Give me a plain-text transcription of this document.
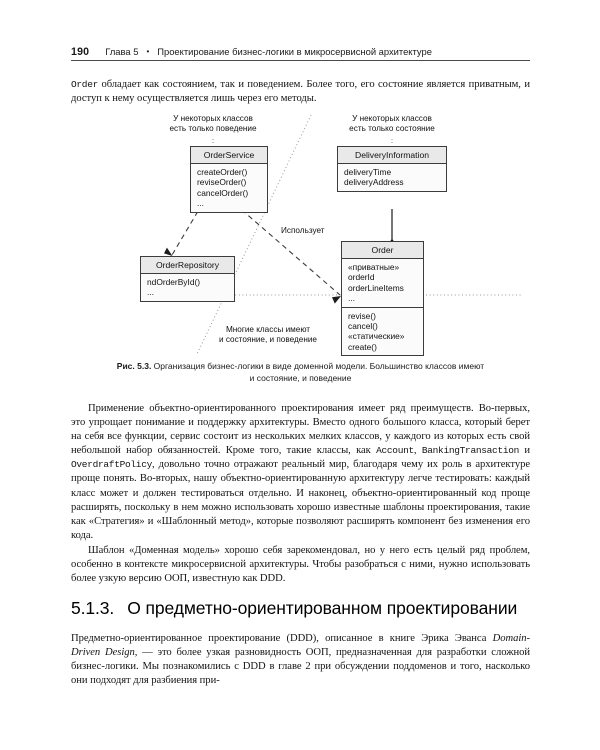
190 Глава 5 • Проектирование бизнес-логики в микросервисной архитектуре
Order обладает как состоянием, так и поведением. Более того, его состояние является приватным, и доступ к нему осуществляется лишь через его методы.
У некоторых классов
есть только поведение
У некоторых классов
есть только состояние
Многие классы имеют
и состояние, и поведение
Использует
OrderService
createOrder()
reviseOrder()
cancelOrder()
...
DeliveryInformation
deliveryTime
deliveryAddress
OrderRepository
ndOrderById()
...
Order
«приватные»
orderId
orderLineItems
...
revise()
cancel()
«статические»
create()
Рис. 5.3. Организация бизнес-логики в виде доменной модели. Большинство классов имеют
и состояние, и поведение
Применение объектно-ориентированного проектирования имеет ряд преимуществ. Во-первых, это упрощает понимание и поддержку архитектуры. Вместо одного большого класса, который берет на себя все функции, сервис состоит из нескольких мелких классов, у каждого из которых есть свой небольшой набор обязанностей. Кроме того, такие классы, как Account, BankingTransaction и OverdraftPolicy, довольно точно отражают реальный мир, благодаря чему их роль в архитектуре проще понять. Во-вторых, нашу объектно-ориентированную архитектуру легче тестировать: каждый класс может и должен тестироваться отдельно. И наконец, объектно-ориентированный код проще расширять, поскольку в нем можно использовать хорошо известные шаблоны проектирования, такие как «Стратегия» и «Шаблонный метод», которые позволяют расширять компонент без изменения его кода.
Шаблон «Доменная модель» хорошо себя зарекомендовал, но у него есть целый ряд проблем, особенно в контексте микросервисной архитектуры. Чтобы разобраться с ними, нужно использовать более узкую версию ООП, известную как DDD.
5.1.3. О предметно-ориентированном проектировании
Предметно-ориентированное проектирование (DDD), описанное в книге Эрика Эванса Domain-Driven Design, — это более узкая разновидность ООП, предназначенная для разработки сложной бизнес-логики. Мы познакомились с DDD в главе 2 при обсуждении поддоменов и того, насколько они подходят для разбиения при-
